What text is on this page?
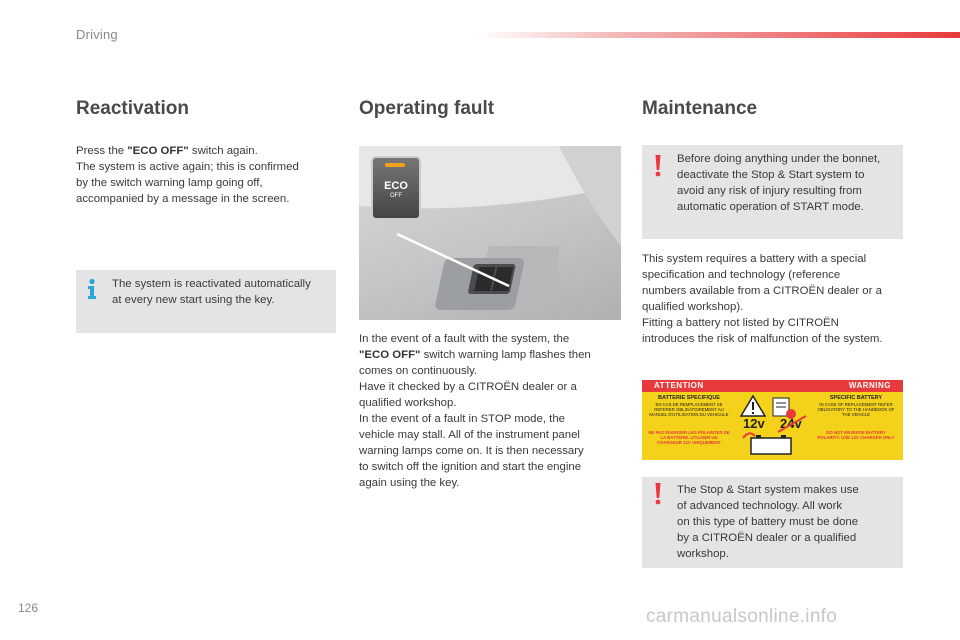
Driving
Reactivation
Press the "ECO OFF" switch again.
The system is active again; this is confirmed
by the switch warning lamp going off,
accompanied by a message in the screen.
The system is reactivated automatically
at every new start using the key.
Operating fault
ECO
OFF
In the event of a fault with the system, the
"ECO OFF" switch warning lamp flashes then
comes on continuously.
Have it checked by a CITROËN dealer or a
qualified workshop.
In the event of a fault in STOP mode, the
vehicle may stall. All of the instrument panel
warning lamps come on. It is then necessary
to switch off the ignition and start the engine
again using the key.
Maintenance
Before doing anything under the bonnet,
deactivate the Stop & Start system to
avoid any risk of injury resulting from
automatic operation of START mode.
This system requires a battery with a special
specification and technology (reference
numbers available from a CITROËN dealer or a
qualified workshop).
Fitting a battery not listed by CITROËN
introduces the risk of malfunction of the system.
ATTENTION	WARNING
BATTERIE SPECIFIQUE
EN CAS DE REMPLACEMENT SE REFERER OBLIGATOIREMENT AU MANUEL D'UTILISATION DU VEHICULE
NE PAS INVERSER LES POLARITES DE LA BATTERIE. UTILISER UN CHARGEUR 12V UNIQUEMENT
SPECIFIC BATTERY
IN CASE OF REPLACEMENT REFER OBLIGATORY TO THE HANDBOOK OF THE VEHICLE
DO NOT REVERSE BATTERY POLARITY. USE 12V CHARGER ONLY
12v 24v
The Stop & Start system makes use
of advanced technology. All work
on this type of battery must be done
by a CITROËN dealer or a qualified
workshop.
126	carmanualsonline.info
